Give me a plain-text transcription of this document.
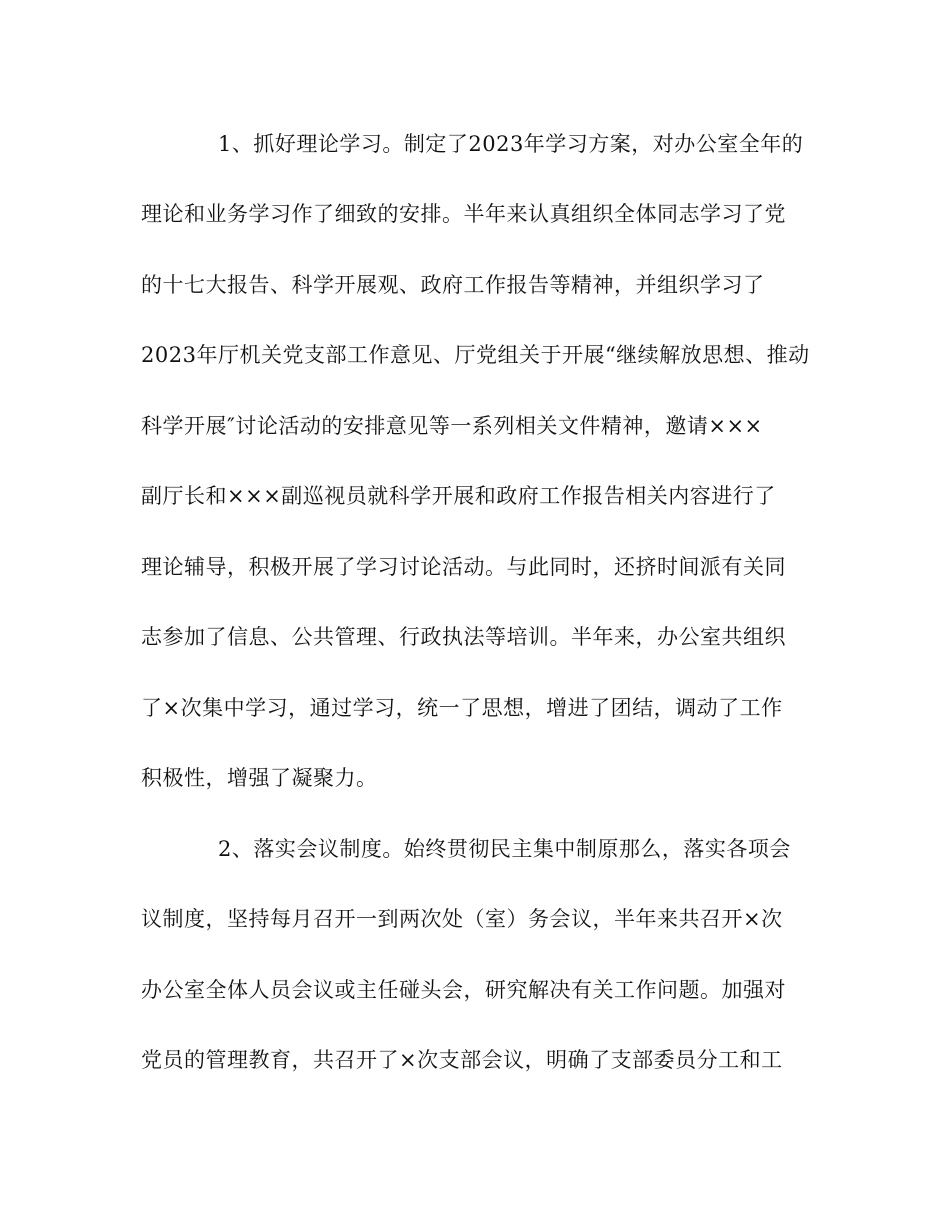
1、抓好理论学习。制定了2023年学习方案，对办公室全年的
理论和业务学习作了细致的安排。半年来认真组织全体同志学习了党
的十七大报告、科学开展观、政府工作报告等精神，并组织学习了
2023年厅机关党支部工作意见、厅党组关于开展“继续解放思想、推动
科学开展″讨论活动的安排意见等一系列相关文件精神，邀请×××
副厅长和×××副巡视员就科学开展和政府工作报告相关内容进行了
理论辅导，积极开展了学习讨论活动。与此同时，还挤时间派有关同
志参加了信息、公共管理、行政执法等培训。半年来，办公室共组织
了×次集中学习，通过学习，统一了思想，增进了团结，调动了工作
积极性，增强了凝聚力。
2、落实会议制度。始终贯彻民主集中制原那么，落实各项会
议制度，坚持每月召开一到两次处（室）务会议，半年来共召开×次
办公室全体人员会议或主任碰头会，研究解决有关工作问题。加强对
党员的管理教育，共召开了×次支部会议，明确了支部委员分工和工
